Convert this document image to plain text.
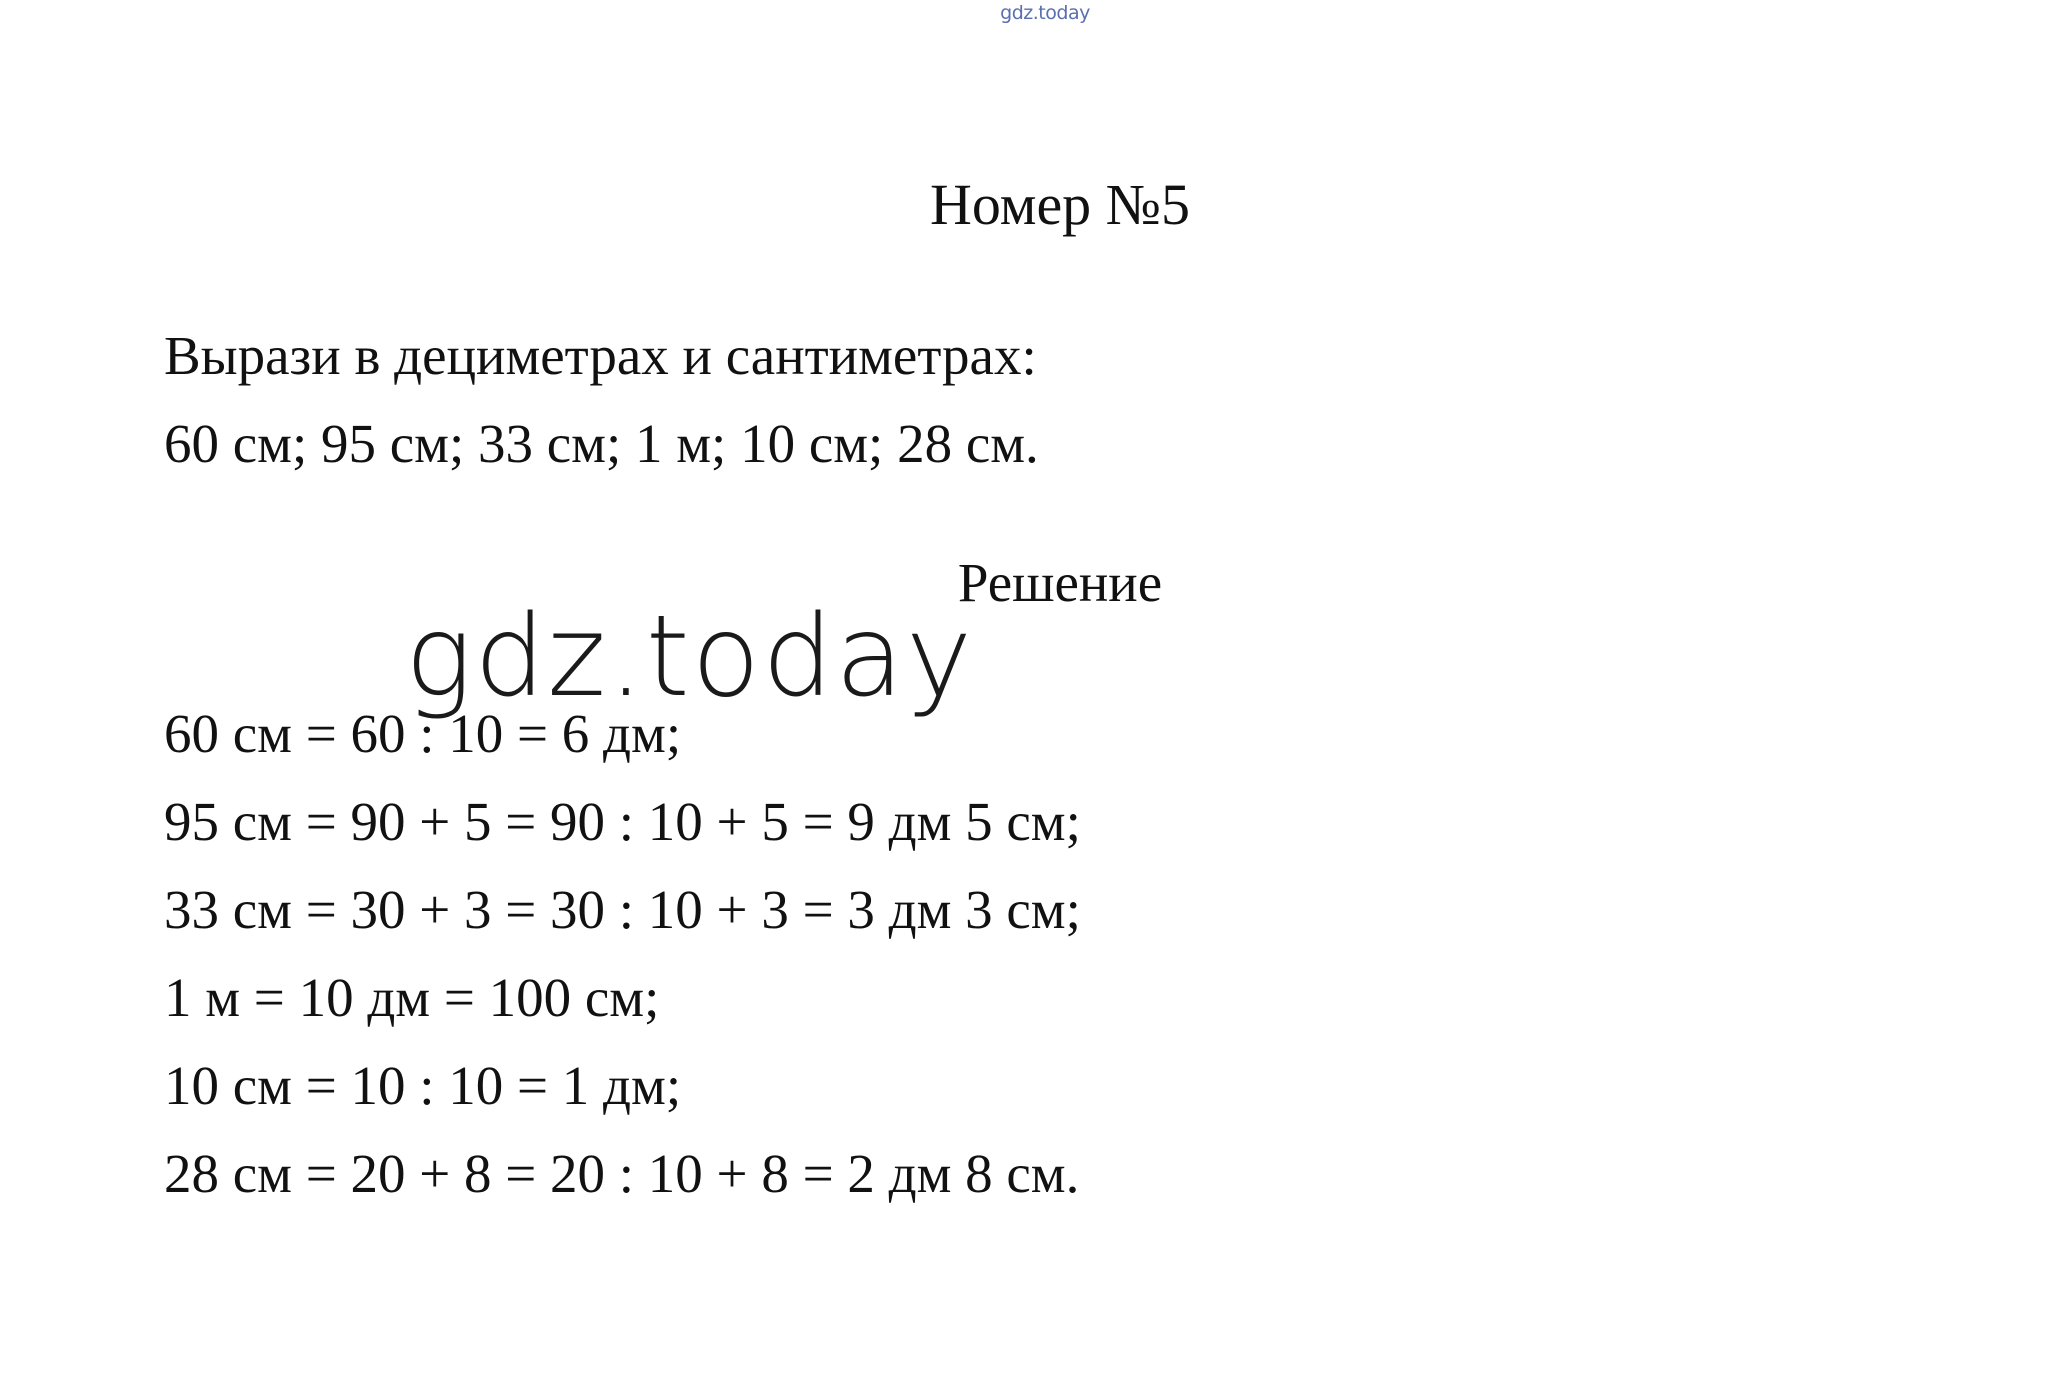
gdz.today
Номер №5
Вырази в дециметрах и сантиметрах:
60 см; 95 см; 33 см; 1 м; 10 см; 28 см.
Решение
gdz.today
60 см = 60 : 10 = 6 дм;
95 см = 90 + 5 = 90 : 10 + 5 = 9 дм 5 см;
33 см = 30 + 3 = 30 : 10 + 3 = 3 дм 3 см;
1 м = 10 дм = 100 см;
10 см = 10 : 10 = 1 дм;
28 см = 20 + 8 = 20 : 10 + 8 = 2 дм 8 см.
